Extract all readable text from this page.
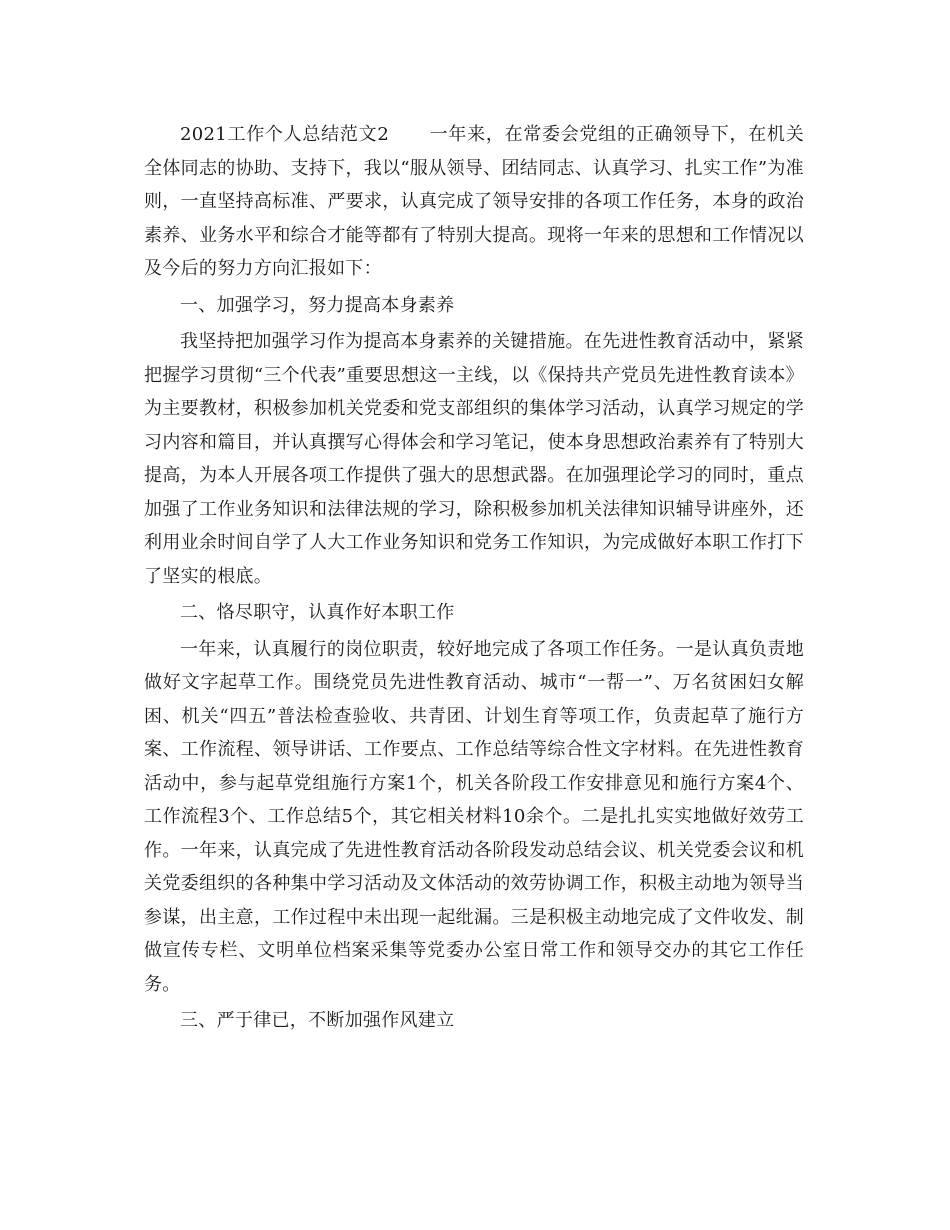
2021工作个人总结范文2 一年来，在常委会党组的正确领导下，在机关全体同志的协助、支持下，我以“服从领导、团结同志、认真学习、扎实工作”为准则，一直坚持高标准、严要求，认真完成了领导安排的各项工作任务，本身的政治素养、业务水平和综合才能等都有了特别大提高。现将一年来的思想和工作情况以及今后的努力方向汇报如下：

一、加强学习，努力提高本身素养

我坚持把加强学习作为提高本身素养的关键措施。在先进性教育活动中，紧紧把握学习贯彻“三个代表”重要思想这一主线，以《保持共产党员先进性教育读本》为主要教材，积极参加机关党委和党支部组织的集体学习活动，认真学习规定的学习内容和篇目，并认真撰写心得体会和学习笔记，使本身思想政治素养有了特别大提高，为本人开展各项工作提供了强大的思想武器。在加强理论学习的同时，重点加强了工作业务知识和法律法规的学习，除积极参加机关法律知识辅导讲座外，还利用业余时间自学了人大工作业务知识和党务工作知识，为完成做好本职工作打下了坚实的根底。

二、恪尽职守，认真作好本职工作

一年来，认真履行的岗位职责，较好地完成了各项工作任务。一是认真负责地做好文字起草工作。围绕党员先进性教育活动、城市“一帮一”、万名贫困妇女解困、机关“四五”普法检查验收、共青团、计划生育等项工作，负责起草了施行方案、工作流程、领导讲话、工作要点、工作总结等综合性文字材料。在先进性教育活动中，参与起草党组施行方案1个，机关各阶段工作安排意见和施行方案4个、工作流程3个、工作总结5个，其它相关材料10余个。二是扎扎实实地做好效劳工作。一年来，认真完成了先进性教育活动各阶段发动总结会议、机关党委会议和机关党委组织的各种集中学习活动及文体活动的效劳协调工作，积极主动地为领导当参谋，出主意，工作过程中未出现一起纰漏。三是积极主动地完成了文件收发、制做宣传专栏、文明单位档案采集等党委办公室日常工作和领导交办的其它工作任务。

三、严于律已，不断加强作风建立
